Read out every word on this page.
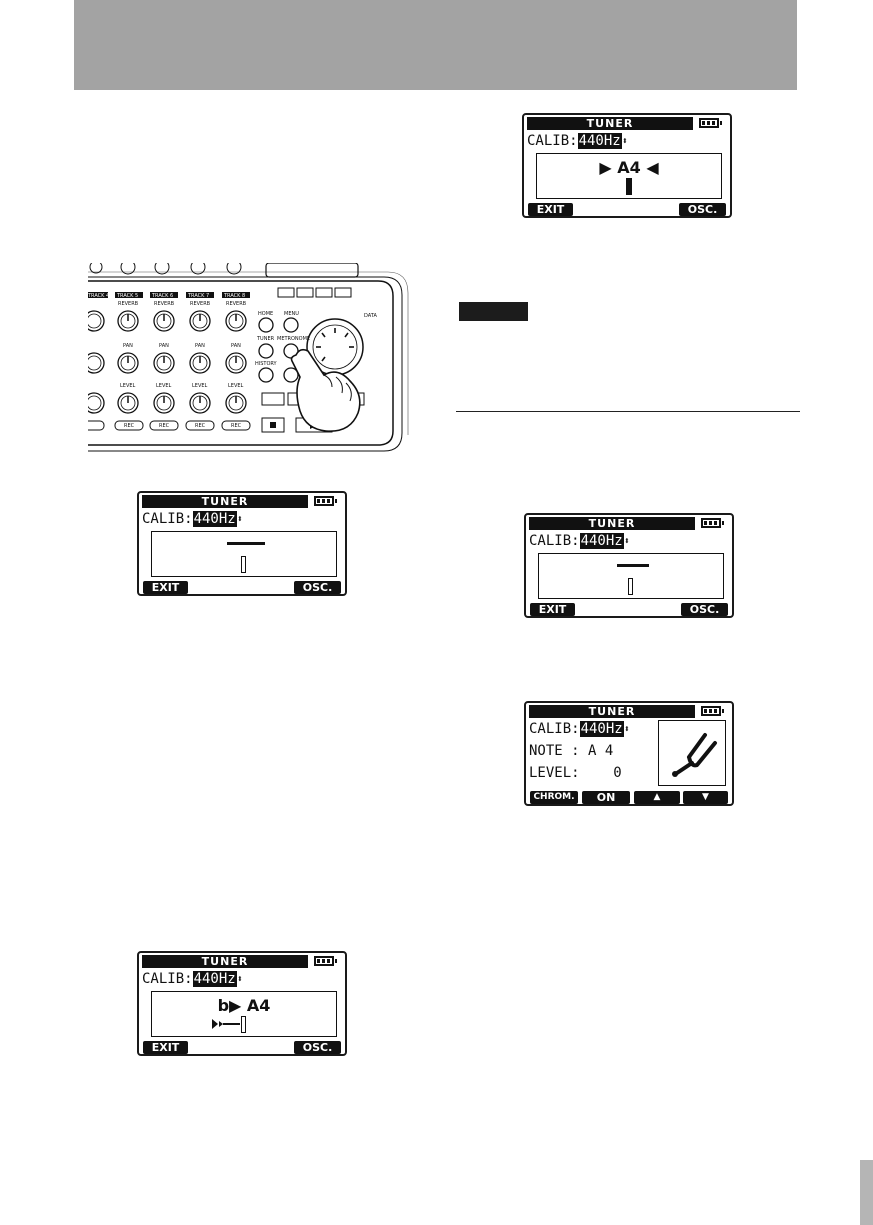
TRACK 4 TRACK 5	TRACK 6	TRACK 7	TRACK 8
REVERB	REVERB	REVERB	REVERB
PAN	PAN	PAN	PAN
LEVEL	LEVEL	LEVEL	LEVEL
HOME MENU
TUNER METRONOME
HISTORY
DATA
REC	REC	REC	REC
TUNER
CALIB:440Hz⬍
EXIT	OSC.
TUNER
CALIB:440Hz⬍
b▶ A4
EXIT	OSC.
TUNER
CALIB:440Hz⬍
▶ A4 ◀
EXIT	OSC.
TUNER
CALIB:440Hz⬍
EXIT	OSC.
TUNER
CALIB:440Hz⬍
NOTE : A 4
LEVEL: 0
CHROM.	ON	▲	▼
